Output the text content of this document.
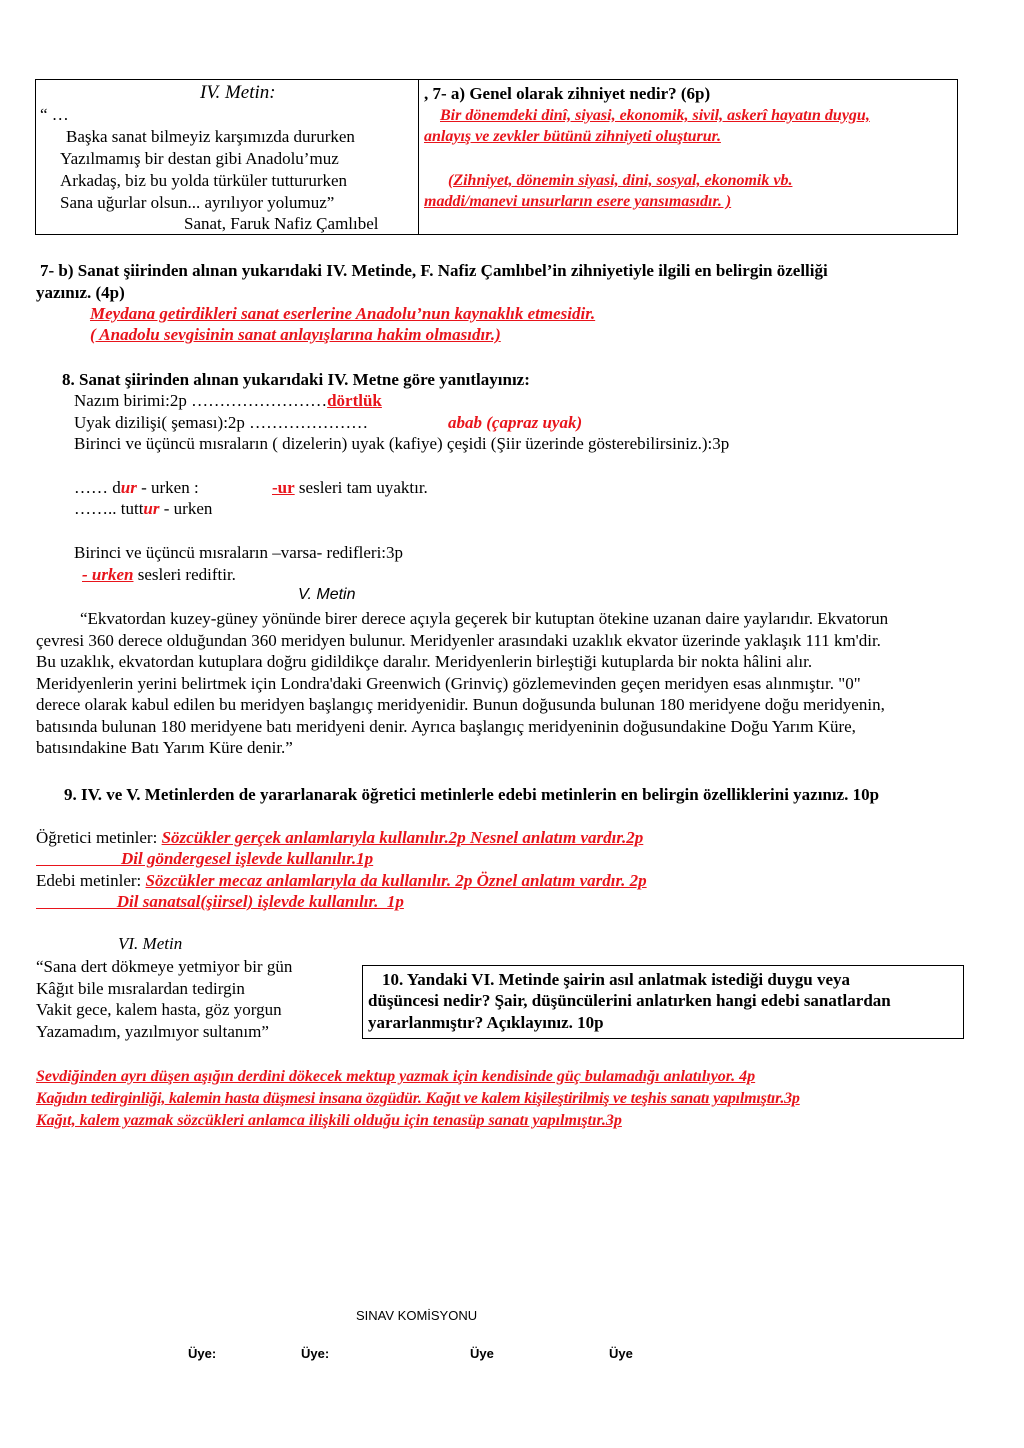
IV. Metin:
“ …
Başka sanat bilmeyiz karşımızda dururken
Yazılmamış bir destan gibi Anadolu’muz
Arkadaş, biz bu yolda türküler tuttururken
Sana uğurlar olsun... ayrılıyor yolumuz”
Sanat, Faruk Nafiz Çamlıbel
, 7- a) Genel olarak zihniyet nedir? (6p)
Bir dönemdeki dinî, siyasi, ekonomik, sivil, askerî hayatın duygu,
anlayış ve zevkler bütünü zihniyeti oluşturur.
(Zihniyet, dönemin siyasi, dini, sosyal, ekonomik vb.
maddi/manevi unsurların esere yansımasıdır. )
7- b) Sanat şiirinden alınan yukarıdaki IV. Metinde, F. Nafiz Çamlıbel’in zihniyetiyle ilgili en belirgin özelliği
yazınız. (4p)
Meydana getirdikleri sanat eserlerine Anadolu’nun kaynaklık etmesidir.
( Anadolu sevgisinin sanat anlayışlarına hakim olmasıdır.)
8. Sanat şiirinden alınan yukarıdaki IV. Metne göre yanıtlayınız:
Nazım birimi:2p ……………………dörtlük
Uyak dizilişi( şeması):2p …………………	abab (çapraz uyak)
Birinci ve üçüncü mısraların ( dizelerin) uyak (kafiye) çeşidi (Şiir üzerinde gösterebilirsiniz.):3p
…… dur - urken :	-ur sesleri tam uyaktır.
…….. tuttur - urken
Birinci ve üçüncü mısraların –varsa- redifleri:3p
- urken sesleri rediftir.
V. Metin
“Ekvatordan kuzey-güney yönünde birer derece açıyla geçerek bir kutuptan ötekine uzanan daire yaylarıdır. Ekvatorun
çevresi 360 derece olduğundan 360 meridyen bulunur. Meridyenler arasındaki uzaklık ekvator üzerinde yaklaşık 111 km'dir.
Bu uzaklık, ekvatordan kutuplara doğru gidildikçe daralır. Meridyenlerin birleştiği kutuplarda bir nokta hâlini alır.
Meridyenlerin yerini belirtmek için Londra'daki Greenwich (Grinviç) gözlemevinden geçen meridyen esas alınmıştır. "0"
derece olarak kabul edilen bu meridyen başlangıç meridyenidir. Bunun doğusunda bulunan 180 meridyene doğu meridyenin,
batısında bulunan 180 meridyene batı meridyeni denir. Ayrıca başlangıç meridyeninin doğusundakine Doğu Yarım Küre,
batısındakine Batı Yarım Küre denir.”
9. IV. ve V. Metinlerden de yararlanarak öğretici metinlerle edebi metinlerin en belirgin özelliklerini yazınız. 10p
Öğretici metinler: Sözcükler gerçek anlamlarıyla kullanılır.2p Nesnel anlatım vardır.2p
Dil göndergesel işlevde kullanılır.1p
Edebi metinler: Sözcükler mecaz anlamlarıyla da kullanılır. 2p Öznel anlatım vardır. 2p
Dil sanatsal(şiirsel) işlevde kullanılır.  1p
VI. Metin
“Sana dert dökmeye yetmiyor bir gün
Kâğıt bile mısralardan tedirgin
Vakit gece, kalem hasta, göz yorgun
Yazamadım, yazılmıyor sultanım”
10. Yandaki VI. Metinde şairin asıl anlatmak istediği duygu veya
düşüncesi nedir? Şair, düşüncülerini anlatırken hangi edebi sanatlardan
yararlanmıştır? Açıklayınız. 10p
Sevdiğinden ayrı düşen aşığın derdini dökecek mektup yazmak için kendisinde güç bulamadığı anlatılıyor. 4p
Kağıdın tedirginliği, kalemin hasta düşmesi insana özgüdür. Kağıt ve kalem kişileştirilmiş ve teşhis sanatı yapılmıştır.3p
Kağıt, kalem yazmak sözcükleri anlamca ilişkili olduğu için tenasüp sanatı yapılmıştır.3p
SINAV KOMİSYONU
Üye:	Üye:	Üye	Üye
